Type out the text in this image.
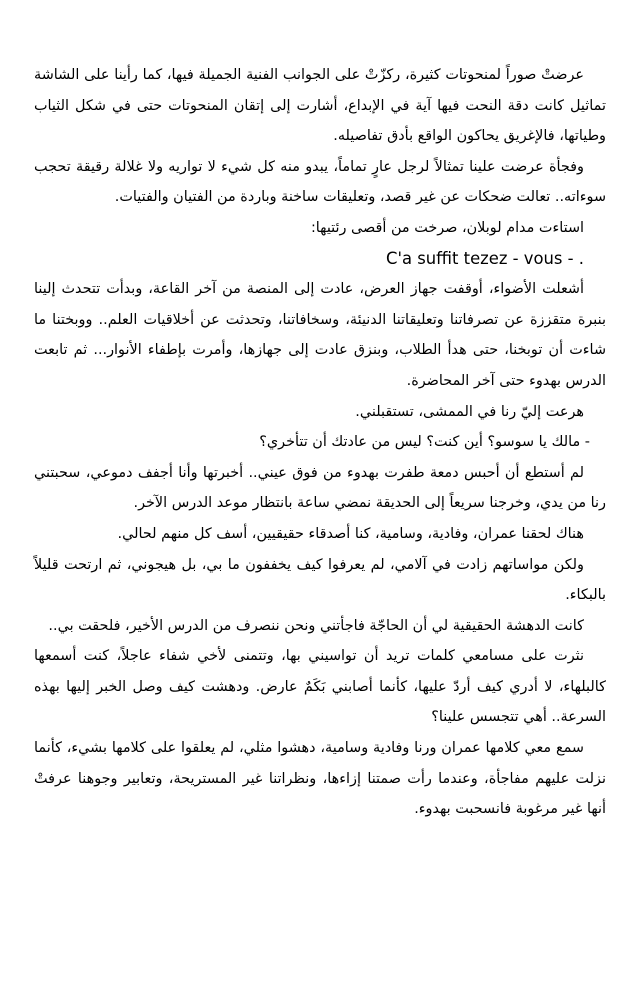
عرضتْ صوراً لمنحوتات كثيرة، ركزّتْ على الجوانب الفنية الجميلة فيها، كما رأينا على الشاشة تماثيل كانت دقة النحت فيها آية في الإبداع، أشارت إلى إتقان المنحوتات حتى في شكل الثياب وطياتها، فالإغريق يحاكون الواقع بأدق تفاصيله.

وفجأة عرضت علينا تمثالاً لرجل عارٍ تماماً، يبدو منه كل شيء لا تواريه ولا غلالة رقيقة تحجب سوءاته.. تعالت ضحكات عن غير قصد، وتعليقات ساخنة وباردة من الفتيان والفتيات.

استاءت مدام لوبلان، صرخت من أقصى رئتيها:

. - C'a suffit tezez - vous

أشعلت الأضواء، أوقفت جهاز العرض، عادت إلى المنصة من آخر القاعة، وبدأت تتحدث إلينا بنبرة متقززة عن تصرفاتنا وتعليقاتنا الدنيئة، وسخافاتنا، وتحدثت عن أخلاقيات العلم.. ووبختنا ما شاءت أن توبخنا، حتى هدأ الطلاب، وبنزق عادت إلى جهازها، وأمرت بإطفاء الأنوار... ثم تابعت الدرس بهدوء حتى آخر المحاضرة.

هرعت إليّ رنا في الممشى، تستقبلني.

- مالك يا سوسو؟ أين كنت؟ ليس من عادتك أن تتأخري؟

لم أستطع أن أحبس دمعة طفرت بهدوء من فوق عيني.. أخبرتها وأنا أجفف دموعي، سحبتني رنا من يدي، وخرجنا سريعاً إلى الحديقة نمضي ساعة بانتظار موعد الدرس الآخر.

هناك لحقنا عمران، وفادية، وسامية، كنا أصدقاء حقيقيين، أسف كل منهم لحالي.

ولكن مواساتهم زادت في آلامي، لم يعرفوا كيف يخففون ما بي، بل هيجوني، ثم ارتحت قليلاً بالبكاء.

كانت الدهشة الحقيقية لي أن الحاجّة فاجأتني ونحن ننصرف من الدرس الأخير، فلحقت بي..

نثرت على مسامعي كلمات تريد أن تواسيني بها، وتتمنى لأخي شفاء عاجلاً، كنت أسمعها كالبلهاء، لا أدري كيف أردّ عليها، كأنما أصابني بَكَمٌ عارض. ودهشت كيف وصل الخبر إليها بهذه السرعة.. أهي تتجسس علينا؟

سمع معي كلامها عمران ورنا وفادية وسامية، دهشوا مثلي، لم يعلقوا على كلامها بشيء، كأنما نزلت عليهم مفاجأة، وعندما رأت صمتنا إزاءها، ونظراتنا غير المستريحة، وتعابير وجوهنا عرفتْ أنها غير مرغوبة فانسحبت بهدوء.
